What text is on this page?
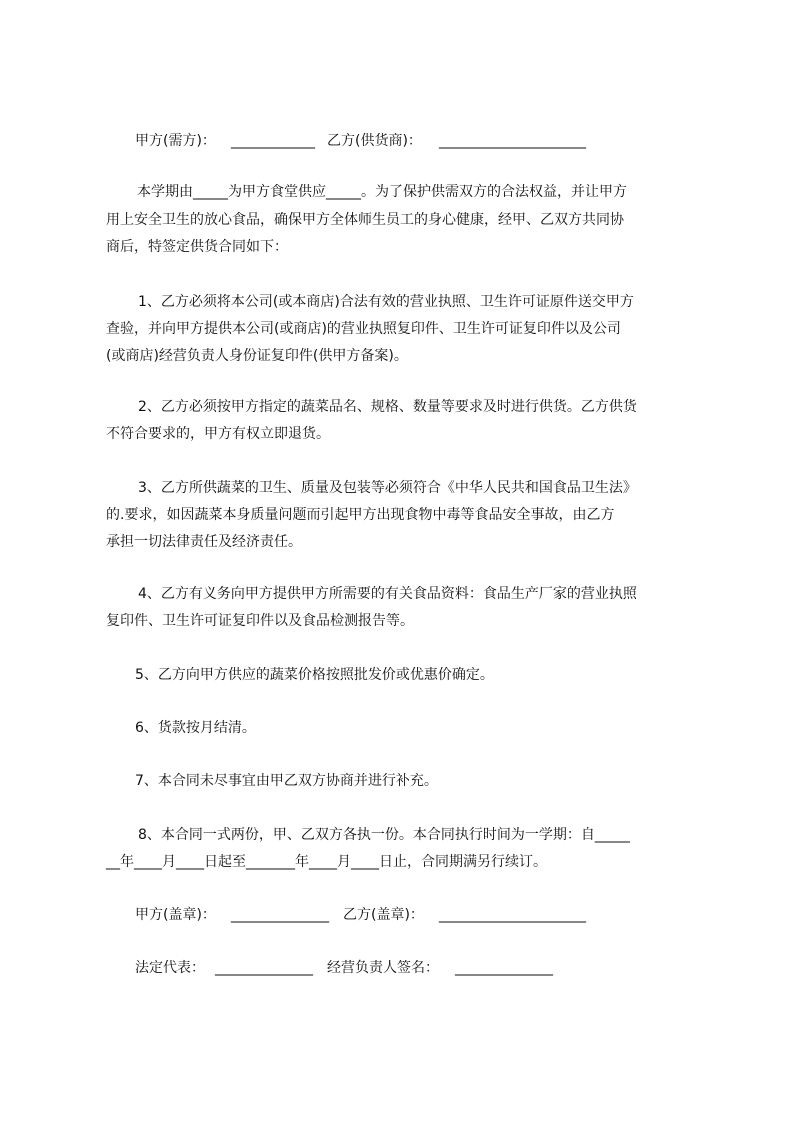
甲方(需方)： ____________ 乙方(供货商)： _____________________
本学期由_____为甲方食堂供应_____。为了保护供需双方的合法权益，并让甲方
用上安全卫生的放心食品，确保甲方全体师生员工的身心健康，经甲、乙双方共同协
商后，特签定供货合同如下：
1、乙方必须将本公司(或本商店)合法有效的营业执照、卫生许可证原件送交甲方
查验，并向甲方提供本公司(或商店)的营业执照复印件、卫生许可证复印件以及公司
(或商店)经营负责人身份证复印件(供甲方备案)。
2、乙方必须按甲方指定的蔬菜品名、规格、数量等要求及时进行供货。乙方供货
不符合要求的，甲方有权立即退货。
3、乙方所供蔬菜的卫生、质量及包装等必须符合《中华人民共和国食品卫生法》
的.要求，如因蔬菜本身质量问题而引起甲方出现食物中毒等食品安全事故，由乙方
承担一切法律责任及经济责任。
4、乙方有义务向甲方提供甲方所需要的有关食品资料：食品生产厂家的营业执照
复印件、卫生许可证复印件以及食品检测报告等。
5、乙方向甲方供应的蔬菜价格按照批发价或优惠价确定。
6、货款按月结清。
7、本合同未尽事宜由甲乙双方协商并进行补充。
8、本合同一式两份，甲、乙双方各执一份。本合同执行时间为一学期：自_____
__年____月____日起至_______年____月____日止，合同期满另行续订。
甲方(盖章)： ______________ 乙方(盖章)： _____________________
法定代表： ______________ 经营负责人签名： ______________
